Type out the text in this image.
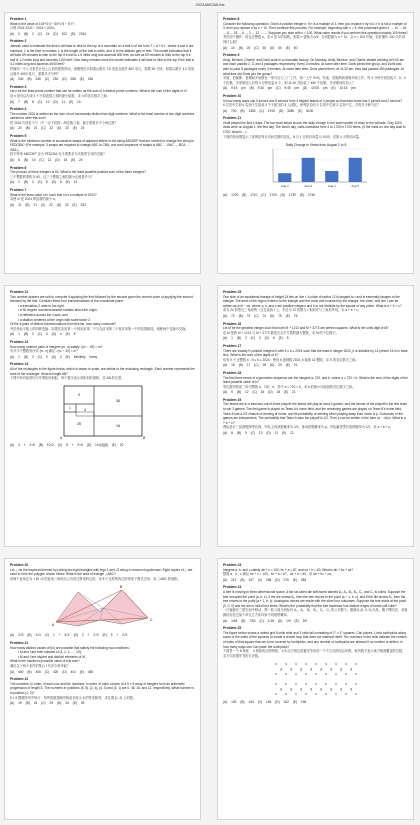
2024AMC8A.ink
Problem 1
What is the value of 103+3·3 − 50+2·5 − 5·7?
计算 2024·2024 − 2024 × 2024。
(A) 0 (B) 2 (C) 24 (D) 202 (E) 2024
Problem 2
Jamesh used to estimate the time it will take to hike to the top of a mountain on a trail in of the form T = a + b·L, where a and b are numbers, L is the time in minutes, L is the length of the trail in miles, and G is the altitude gain in feet. The model estimates that it will take 69 minutes to hike to the top if a trail is 1.5 miles long and ascends 800 feet, as well as 69 minutes to hike to the top if a trail is 1.2 miles long and ascends 1100 feet. How many minutes does the model estimates it will take to hike to the top if the trail is 4.2 miles long and ascends 4000 feet?
约翰用一个公式来估计登上山顶所需的时间，该模型估计如果山路长 1.5 英里且爬升 800 英尺，需要 69 分钟。如果山路长 4.2 英里且爬升 4000 英尺，需要多少分钟？
(A) 240 (B) 246 (C) 252 (D) 258 (E) 264
Problem 3
Let n be the least prime number that can be written as the sum of 5 distinct prime numbers. What is the sum of the digits of n?
设 n 是可以写成 5 个不同质数之和的最小质数，求 n 的各位数字之和。
(A) 7 (B) 8 (C) 10 (D) 11 (E) 13
Problem 4
The number 2024 is written as the sum of not necessarily distinct two-digit numbers. What is the least number of two-digit numbers needed to write this sum?
把 2024 写成若干个（不一定不同的）两位数之和，最少需要多少个两位数？
(A) 20 (B) 21 (C) 22 (D) 23 (E) 24
Problem 5
What is the minimum number of successive swaps of adjacent letters in the string ABCDEF that are needed to change the string to FEDCBA? (For example, 3 swaps are required to change ABC to CBA; one such sequence of swaps is ABC → BAC → BCA → CBA.)
将字符串 ABCDEF 变为 FEDCBA 至少需要多少次相邻字母的交换？
(A) 6 (B) 10 (C) 12 (D) 15 (E) 24
Problem 6
The product of three integers is 60. What is the least possible positive sum of the three integers?
三个整数的乘积为 60，这三个整数之和的最小正值是多少？
(A) 2 (B) 3 (C) 5 (D) 6 (E) 13
Problem 7
What is the least value of n such that n! is a multiple of 2024?
求使 n! 是 2024 的倍数的最小 n。
(A) 11 (B) 21 (C) 22 (D) 23 (E) 253
Problem 8
Consider the following operation. Given a positive integer n, if n is a multiple of 3, then you replace n by n/3. If n is not a multiple of 3, then you replace n by n + 10. Then continue this process. For example, beginning with n = 4, this procedure gives 4 → 14 → 24 → 8 → 18 → 6 → 2 → 12 → … Suppose you start with n = 100. What value results if you perform this operation exactly 100 times?
考虑如下操作：给定正整数 n，若 n 是 3 的倍数，则将 n 替换为 n/3；否则替换为 n + 10。从 n = 100 开始，恰好操作 100 次后得到什么值？
(A) 10 (B) 20 (C) 30 (D) 40 (E) 50
Problem 9
Andy, Bernice, Charlie, and Doris work in a chocolate factory. On Monday, Andy, Bernice, and Charlie started working at 9:00 am and each packed 2, 3, and 4 packages respectively, every 3 minutes. At some later time, Doris joined the group, and Doris was able to pack 5 packages every 3 minutes. At some later time, Doris joined them. At 11:30 am, they had packed 450 packages. At what time did Doris join the group?
安迪、伯妮斯、查理和多里斯在一家巧克力工厂工作。周一上午 9:00，安迪、伯妮斯和查理开始工作，每 3 分钟分别包装 2、3、4 个包裹。多里斯加入后每 3 分钟包装 5 个。到 11:30 共包装了 450 个包裹，多里斯何时加入？
(A) 9:15 pm (B) 9:30 pm (C) 9:45 pm (D) 10:00 pm (E) 10:15 pm
Problem 10
In how many ways can 6 juniors and 6 seniors form 3 disjoint teams of 4 people so that each team has 2 juniors and 2 seniors?
6 名初中生和 6 名高中生组成 3 个不相交的 4 人团队，使每队恰有 2 名初中生和 2 名高中生，共有多少种方法？
(A) 720 (B) 1350 (C) 2700 (D) 3280 (E) 8100
Problem 11
Zeda played the first 4 days. The bar chart below shows the daily change in the total number of visits to the website. Only 1000 visits were on August 1, the first day. The fourth day, visits increased from 4 to 1700 in 1700 times. (If the visits on one day total to 1700, what is ...)
下面的条形图显示了该网站每日访问总数的变化。8 月 1 日的访问量为 1000，求第 4 天的访问量。
Daily Change in Views from August 2 to 5
Aug 2	Aug 3	Aug 4	Aug 5
(A) 1700 (B) 1710 (C) 1720 (D) 1730 (E) 1740
Problem 12
Two number-makers are told to compute if applying the first followed by the second given the current order of applying the second followed by the first. Consider these four transformations of the coordinate plane:
• a translation 2 units to the right,
• a 90-degree counterclockwise rotation about the origin,
• a reflection across the x-axis, and
• a dilation centered at the origin with scale factor 2.
Of the 6 pairs of distinct transformations from this list, how many commute?
考虑坐标平面上的四种变换：如果先应用第一个再应用第二个与先应用第二个再应用第一个的结果相同，则称两个变换可交换。
(A) 1 (B) 2 (C) 3 (D) 4 (E) 5
Problem 13
How many ordered pairs of integers (m, n) satisfy √(n² − 49) = m?
有多少个整数有序对 (m, n) 满足 √(n² − 49) = m？
(A) 1 (B) 2 (C) 3 (D) 4 (E) Infinitely many
Problem 14
All of the rectangles in the figure below, which is drawn to scale, are similar to the enclosing rectangle. Each number represents the area of the rectangle. What is length AB?
下图中所有矩形均与外围矩形相似，每个数字表示该矩形的面积，求 AB 的长度。
9
36
1	4
25	16
A	B
(A) 4 + 4√5 (B) 10√2 (C) 5 + 5√5 (D) 10√[4]{8} (E) 20
Problem 15
One side of an equilateral triangle of height 24 lies on line ℓ. A circle of radius 12 is tangent to ℓ and is externally tangent to the triangle. The area of the region exterior to the triangle and the circle and bounded by the triangle, the circle, and line ℓ can be written as a√b − cπ, where a, b, and c are positive integers and b is not divisible by the square of any prime. What is a + b + c?
高为 24 的等边三角形的一边在直线 ℓ 上，半径为 12 的圆与 ℓ 相切并与三角形外切。求 a + b + c。
(A) 72 (B) 73 (C) 74 (D) 75 (E) 76
Problem 16
Let M be the greatest integer such that both M + 1213 and M + 3773 are perfect squares. What is the units digit of M?
设 M 是使 M + 1213 与 M + 3773 都是完全平方数的最大整数，求 M 的个位数字。
(A) 1 (B) 2 (C) 3 (D) 6 (E) 8
Problem 17
There are exactly K positive integers b with 5 ≤ b ≤ 2024 such that the base-b integer 2024_b is divisible by 16 (where 16 is in base ten). What is the sum of the digits of K?
恰有 K 个正整数 b（5 ≤ b ≤ 2024）使得 b 进制数 2024_b 能被 16 整除，求 K 的各位数字之和。
(A) 16 (B) 17 (C) 18 (D) 20 (E) 21
Problem 18
The first three terms of a geometric sequence are the integers a, 720, and b, where a < 720 < b. What is the sum of the digits of the least possible value of b?
等比数列的前三项为整数 a、720、b，其中 a < 720 < b，求 b 的最小可能值的各位数字之和。
(A) 9 (B) 12 (C) 16 (D) 18 (E) 21
Problem 19
Two teams are in a best-two-out-of-three playoff: the teams will play at most 3 games, and the winner of the playoff is the first team to win 2 games. The first game is played on Team A's home field, and the remaining games are played on Team B's home field. Team A has a 2/3 chance of winning at home, and its probability of winning when playing away from home is p. Outcomes of the games are independent. The probability that Team A wins the playoff is 1/2. Then p can be written in the form (a − √b)/c. What is a + b + c?
两队进行三局两胜制季后赛，甲队主场获胜概率为 2/3，客场获胜概率为 p。甲队赢得季后赛的概率为 1/2，求 a + b + c。
(A) 8 (B) 9 (C) 10 (D) 11 (E) 12
Problem 20
Let △ be the trapezoid formed by joining two right triangles with legs 1 and √3 along a common hypotenuse. Eight copies of △ are used to form the polygon shown below. What is the area of triangle △ABC?
用两个直角边为 1 和 √3 的直角三角形沿公共斜边拼成四边形，用 8 个这样的四边形拼成下图多边形，求 △ABC 的面积。
A
B
C
(A) 2√3 (B) 3√3 (C) 1 + 3√2 (D) 2 + 2√3 (E) 3 + 2√3
Problem 21
How many distinct values of f(x) are possible that satisfy the following two conditions:
• M and f are both subsets of {1, 2, 3, …, 10},
• M and f are disjoint and distinct elements of M.
What is the maximum possible value of this sum?
满足以下两个条件的集合 f 有多少种可能？
(A) 400 (B) 405 (C) 420 (D) 441 (E) 450
Problem 22
The numbers, in order, of each row and the numbers, in order, of each column of a 5 × 5 array of integers form an arithmetic progression of length 5. The numbers in positions (5, 5), (2, 4), (4, 3) and (3, 1) are 0, 48, 16, and 12, respectively. What number is in position (1, 2)?
5 × 5 整数阵列中每行、每列的数按顺序构成长度为 5 的等差数列，求位置 (1, 2) 上的数。
(A) 19 (B) 24 (C) 29 (D) 34 (E) 39
Problem 23
Integers a, b, and c satisfy ab + c = 100, bc + a = 87, and ca + b = 60. What is ab + bc + ca?
整数 a、b、c 满足 ab + c = 100，bc + a = 87，ca + b = 60，求 ab + bc + ca。
(A) 212 (B) 247 (C) 258 (D) 276 (E) 284
Problem 24
A bee is moving in three-dimensional space. A fair six-sided die with faces labeled A₁, A₂, B₁, B₂, C₁, and C₂ is rolled. Suppose the bee occupies the point (a, b, c). If the die shows A₁, then the bee moves to the point (a − 1, b, c), and if the die shows A₂, then the bee moves to the point (a + 1, b, c). Analogous moves are made with the other four outcomes. Suppose the bee starts at the point (0, 0, 0) and the die is rolled four times. What is the probability that the bee traverses four distinct edges of some unit cube?
一只蜜蜂在三维空间中移动，掷一枚六面分别标有 A₁、A₂、B₁、B₂、C₁、C₂ 的公平骰子。蜜蜂从 (0, 0, 0) 出发，骰子掷四次，求蜜蜂恰好经过某个单位立方体四条不同棱的概率。
(A) 1/54 (B) 7/54 (C) 1/18 (D) 1/9 (E) 2/9
Problem 25
The figure below shows a dotted grid 8 cells wide and 3 cells tall consisting of 1″ × 1″ squares. Carl places 1-inch toothpicks along some of the sides of the squares to create a closed loop that does not intersect itself. The numbers in the cells indicate the number of sides of that square that are to be covered by toothpicks, and any number of toothpicks are allowed if no number is written. In how many ways can Carl place the toothpicks?
下图是一个 8 格宽、 3 格高的点阵网格，卡尔沿方格边放置牙签形成一个不自交的闭合环路。格内数字表示该方格被覆盖的边数，求卡尔放置牙签的方法数。
3 3 3 3 3 3 3 3
3 3 3 3 3 3 3 3
(A) 130 (B) 144 (C) 146 (D) 162 (E) 196
